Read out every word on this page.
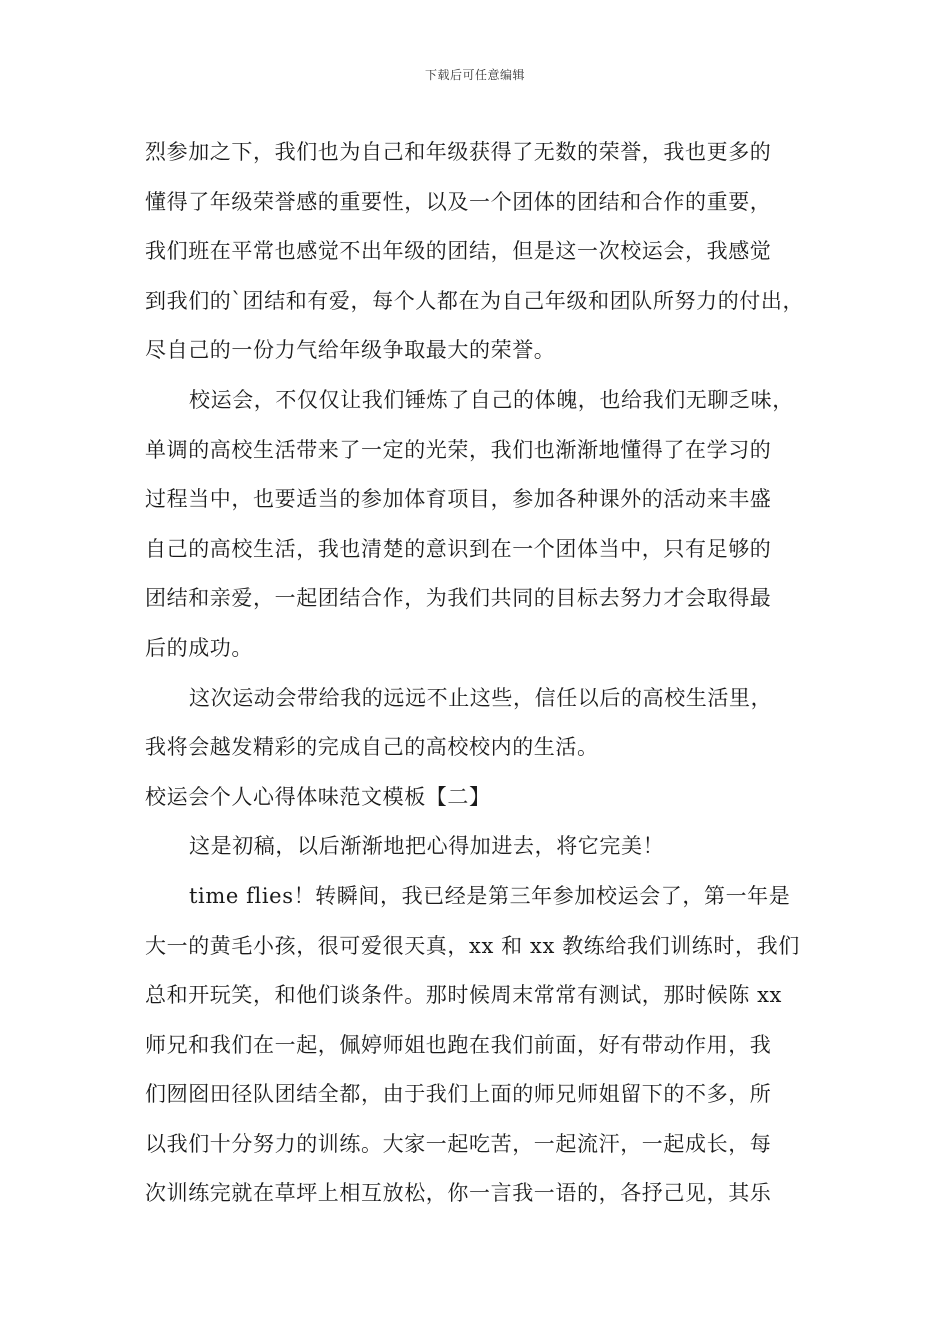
下载后可任意编辑
烈参加之下，我们也为自己和年级获得了无数的荣誉，我也更多的
懂得了年级荣誉感的重要性，以及一个团体的团结和合作的重要，
我们班在平常也感觉不出年级的团结，但是这一次校运会，我感觉
到我们的`团结和有爱，每个人都在为自己年级和团队所努力的付出，
尽自己的一份力气给年级争取最大的荣誉。
校运会，不仅仅让我们锤炼了自己的体魄，也给我们无聊乏味，
单调的高校生活带来了一定的光荣，我们也渐渐地懂得了在学习的
过程当中，也要适当的参加体育项目，参加各种课外的活动来丰盛
自己的高校生活，我也清楚的意识到在一个团体当中，只有足够的
团结和亲爱，一起团结合作，为我们共同的目标去努力才会取得最
后的成功。
这次运动会带给我的远远不止这些，信任以后的高校生活里，
我将会越发精彩的完成自己的高校校内的生活。
校运会个人心得体味范文模板【二】
这是初稿，以后渐渐地把心得加进去，将它完美！
time flies！转瞬间，我已经是第三年参加校运会了，第一年是
大一的黄毛小孩，很可爱很天真，xx 和 xx 教练给我们训练时，我们
总和开玩笑，和他们谈条件。那时候周末常常有测试，那时候陈 xx
师兄和我们在一起，佩婷师姐也跑在我们前面，好有带动作用，我
们囫囵田径队团结全都，由于我们上面的师兄师姐留下的不多，所
以我们十分努力的训练。大家一起吃苦，一起流汗，一起成长，每
次训练完就在草坪上相互放松，你一言我一语的，各抒己见，其乐
